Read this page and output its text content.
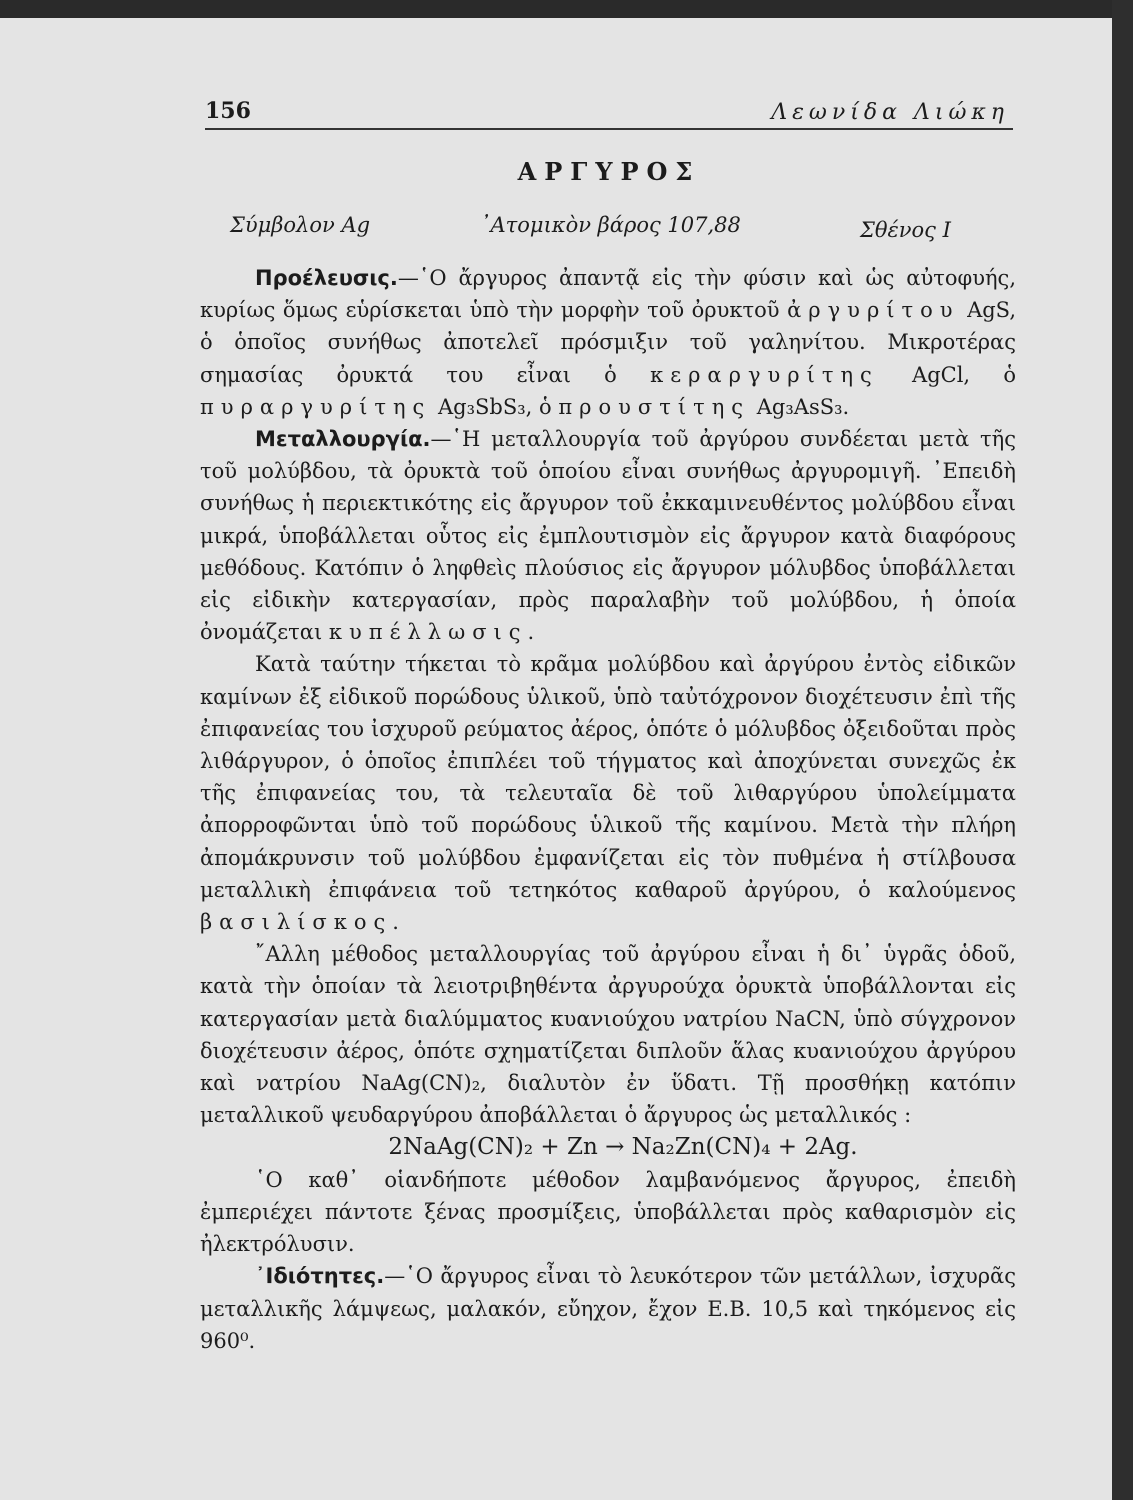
156	Λεωνίδα Λιώκη
ΑΡΓΥΡΟΣ
Σύμβολον Ag	᾿Ατομικὸν βάρος 107,88	Σθένος I

Προέλευσις.—῾Ο ἄργυρος ἀπαντᾷ εἰς τὴν φύσιν καὶ ὡς αὐτοφυής, κυρίως ὅμως εὑρίσκεται ὑπὸ τὴν μορφὴν τοῦ ὀρυκτοῦ ἀργυρίτου AgS, ὁ ὁποῖος συνήθως ἀποτελεῖ πρόσμιξιν τοῦ γαληνίτου. Μικροτέρας σημασίας ὀρυκτά του εἶναι ὁ κεραργυρίτης AgCl, ὁ πυραργυρίτης Ag₃SbS₃, ὁ προυστίτης Ag₃AsS₃.

Μεταλλουργία.—῾Η μεταλλουργία τοῦ ἀργύρου συνδέεται μετὰ τῆς τοῦ μολύβδου, τὰ ὀρυκτὰ τοῦ ὁποίου εἶναι συνήθως ἀργυρομιγῆ. ᾿Επειδὴ συνήθως ἡ περιεκτικότης εἰς ἄργυρον τοῦ ἐκκαμινευθέντος μολύβδου εἶναι μικρά, ὑποβάλλεται οὗτος εἰς ἐμπλουτισμὸν εἰς ἄργυρον κατὰ διαφόρους μεθόδους. Κατόπιν ὁ ληφθεὶς πλούσιος εἰς ἄργυρον μόλυβδος ὑποβάλλεται εἰς εἰδικὴν κατεργασίαν, πρὸς παραλαβὴν τοῦ μολύβδου, ἡ ὁποία ὀνομάζεται κυπέλλωσις.

Κατὰ ταύτην τήκεται τὸ κρᾶμα μολύβδου καὶ ἀργύρου ἐντὸς εἰδικῶν καμίνων ἐξ εἰδικοῦ πορώδους ὑλικοῦ, ὑπὸ ταὐτόχρονον διοχέτευσιν ἐπὶ τῆς ἐπιφανείας του ἰσχυροῦ ρεύματος ἀέρος, ὁπότε ὁ μόλυβδος ὀξειδοῦται πρὸς λιθάργυρον, ὁ ὁποῖος ἐπιπλέει τοῦ τήγματος καὶ ἀποχύνεται συνεχῶς ἐκ τῆς ἐπιφανείας του, τὰ τελευταῖα δὲ τοῦ λιθαργύρου ὑπολείμματα ἀπορροφῶνται ὑπὸ τοῦ πορώδους ὑλικοῦ τῆς καμίνου. Μετὰ τὴν πλήρη ἀπομάκρυνσιν τοῦ μολύβδου ἐμφανίζεται εἰς τὸν πυθμένα ἡ στίλβουσα μεταλλικὴ ἐπιφάνεια τοῦ τετηκότος καθαροῦ ἀργύρου, ὁ καλούμενος βασιλίσκος.

῎Αλλη μέθοδος μεταλλουργίας τοῦ ἀργύρου εἶναι ἡ δι᾿ ὑγρᾶς ὁδοῦ, κατὰ τὴν ὁποίαν τὰ λειοτριβηθέντα ἀργυρούχα ὀρυκτὰ ὑποβάλλονται εἰς κατεργασίαν μετὰ διαλύμματος κυανιούχου νατρίου NaCN, ὑπὸ σύγχρονον διοχέτευσιν ἀέρος, ὁπότε σχηματίζεται διπλοῦν ἅλας κυανιούχου ἀργύρου καὶ νατρίου NaAg(CN)₂, διαλυτὸν ἐν ὕδατι. Τῇ προσθήκῃ κατόπιν μεταλλικοῦ ψευδαργύρου ἀποβάλλεται ὁ ἄργυρος ὡς μεταλλικός :

2NaAg(CN)₂ + Zn → Na₂Zn(CN)₄ + 2Ag.

῾Ο καθ᾿ οἱανδήποτε μέθοδον λαμβανόμενος ἄργυρος, ἐπειδὴ ἐμπεριέχει πάντοτε ξένας προσμίξεις, ὑποβάλλεται πρὸς καθαρισμὸν εἰς ἠλεκτρόλυσιν.

᾿Ιδιότητες.—῾Ο ἄργυρος εἶναι τὸ λευκότερον τῶν μετάλλων, ἰσχυρᾶς μεταλλικῆς λάμψεως, μαλακόν, εὔηχον, ἔχον Ε.Β. 10,5 καὶ τηκόμενος εἰς 960⁰.
